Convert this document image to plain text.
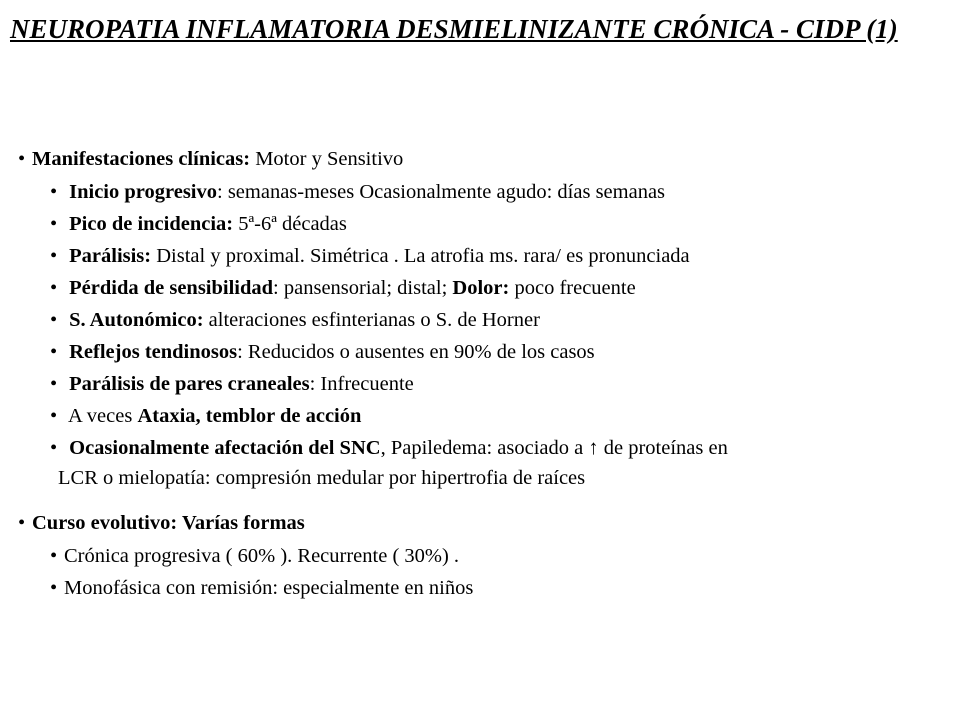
NEUROPATIA INFLAMATORIA DESMIELINIZANTE CRÓNICA - CIDP (1)
• Manifestaciones clínicas: Motor y Sensitivo
• Inicio progresivo: semanas-meses Ocasionalmente agudo: días semanas
• Pico de incidencia: 5ª-6ª décadas
• Parálisis: Distal y proximal. Simétrica . La atrofia ms. rara/ es pronunciada
• Pérdida de sensibilidad: pansensorial; distal; Dolor: poco frecuente
• S. Autonómico: alteraciones esfinterianas o S. de Horner
• Reflejos tendinosos: Reducidos o ausentes en 90% de los casos
• Parálisis de pares craneales: Infrecuente
• A veces Ataxia, temblor de acción
• Ocasionalmente afectación del SNC, Papiledema: asociado a ↑ de proteínas en
LCR o mielopatía: compresión medular por hipertrofia de raíces
• Curso evolutivo: Varías formas
• Crónica progresiva ( 60% ). Recurrente ( 30%) .
• Monofásica con remisión: especialmente en niños
